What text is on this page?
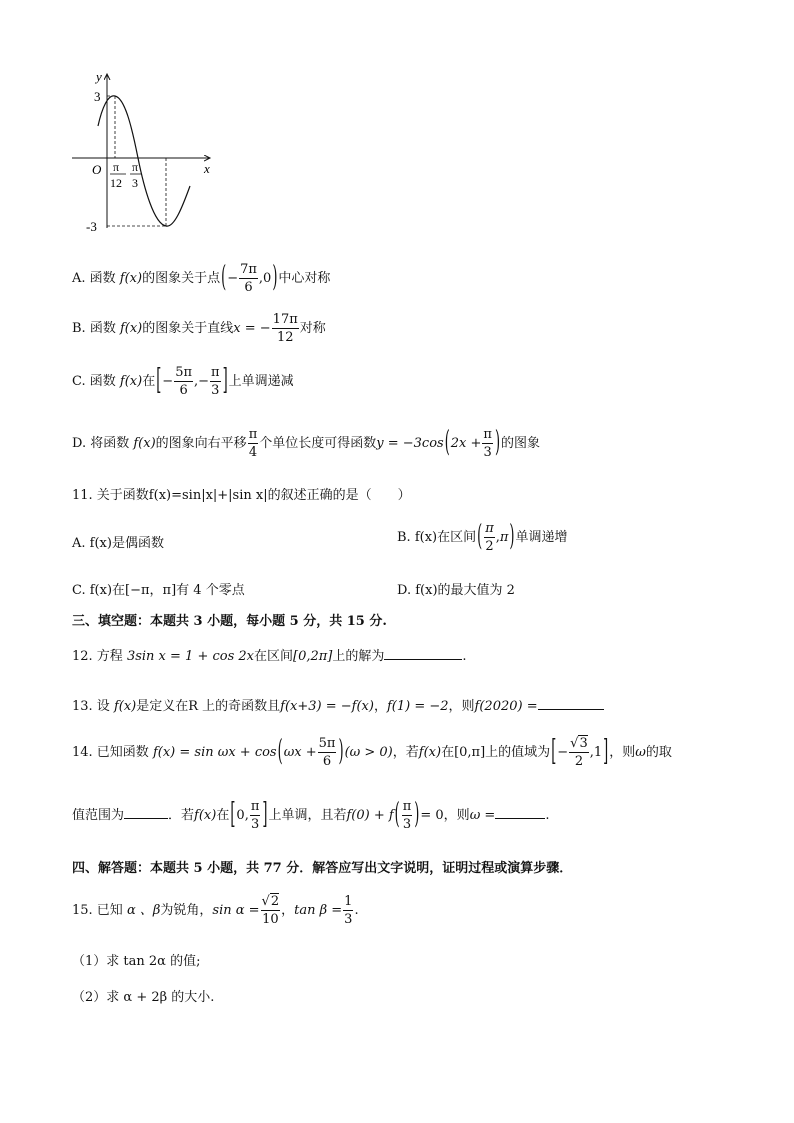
y
x
O
3
-3
π
12
π
3
A. 函数 f(x)的图象关于点(− $\frac{7\pi}{6} ,0$)中心对称
B. 函数 f(x)的图象关于直线x = − $\frac{17\pi}{12}$ 对称
C. 函数 f(x)在[− $\frac{5\pi}{6}$ ,− $\frac{\pi}{3}$ ]上单调递减
D. 将函数 f(x)的图象向右平移 $\frac{\pi}{4}$ 个单位长度可得函数$y = -3\cos(2x + \frac{\pi}{3}$ )的图象
11. 关于函数f(x)=sin|x|+|sin x|的叙述正确的是（　　）
A. f(x)是偶函数	B. f(x)在区间( $\frac{\pi}{2} ,\pi$)单调递增
C. f(x)在[−π，π]有 4 个零点	D. f(x)的最大值为 2
三、填空题：本题共 3 小题，每小题 5 分，共 15 分.
12. 方程 3sin x = 1 + cos 2x在区间[0,2π]上的解为	.
13. 设 f(x)是定义在R 上的奇函数且f(x+3) = −f(x)，f(1) = −2，则f(2020) =
14. 已知函数 $f(x) = \sin \omega x + \cos(\omega x + \frac{5\pi}{6} )(\omega > 0)$，若f(x)在[0,π]上的值域为[− $\frac{√3}{2} ,1$]，则ω的取
值范围为	．若f(x)在[0, $\frac{\pi}{3}$ ]上单调，且若$f(0) + f( \frac{\pi}{3}$ )= 0，则ω =	.
四、解答题：本题共 5 小题，共 77 分．解答应写出文字说明，证明过程或演算步骤．
15. 已知 α 、β为锐角，$\sin \alpha = \frac{√2}{10}$ ，$\tan \beta = \frac{1}{3}$ .
（1）求 tan 2α 的值;
（2）求 α + 2β 的大小.
